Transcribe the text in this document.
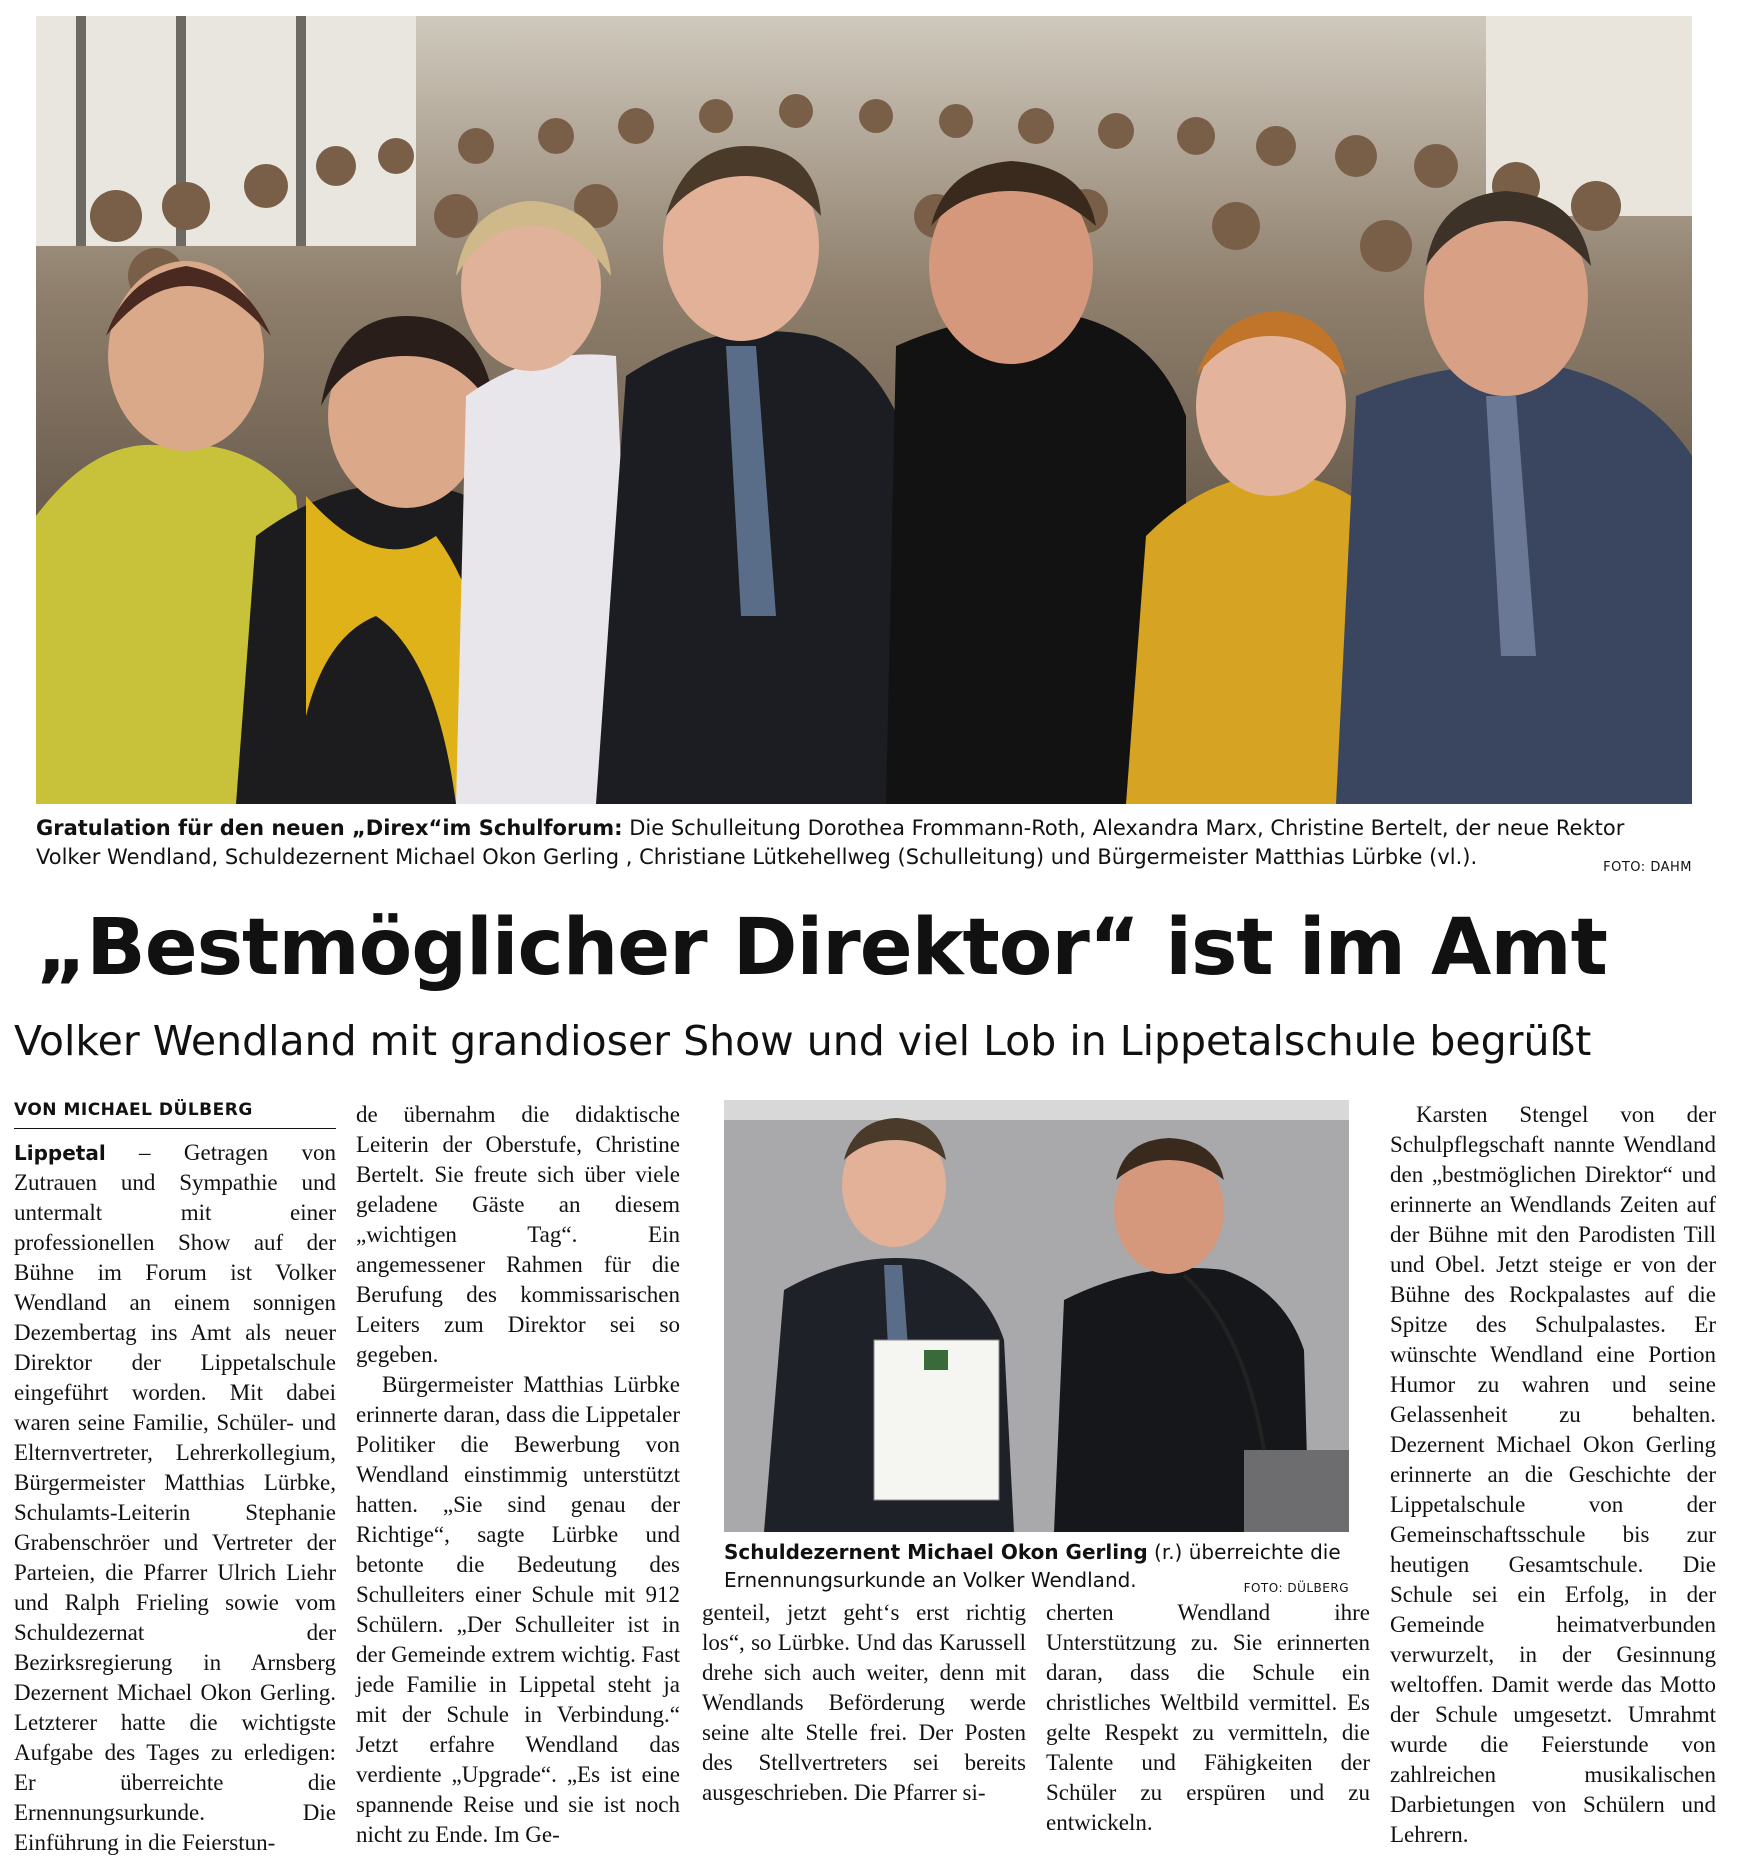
Gratulation für den neuen „Direx“im Schulforum: Die Schulleitung Dorothea Frommann-Roth, Alexandra Marx, Christine Bertelt, der neue Rektor Volker Wendland, Schuldezernent Michael Okon Gerling , Christiane Lütkehellweg (Schulleitung) und Bürgermeister Matthias Lürbke (vl.).	FOTO: DAHM
„Bestmöglicher Direktor“ ist im Amt
Volker Wendland mit grandioser Show und viel Lob in Lippetalschule begrüßt
VON MICHAEL DÜLBERG

Lippetal – Getragen von Zutrauen und Sympathie und untermalt mit einer professionellen Show auf der Bühne im Forum ist Volker Wendland an einem sonnigen Dezembertag ins Amt als neuer Direktor der Lippetalschule eingeführt worden. Mit dabei waren seine Familie, Schüler- und Elternvertreter, Lehrerkollegium, Bürgermeister Matthias Lürbke, Schulamts-Leiterin Stephanie Grabenschröer und Vertreter der Parteien, die Pfarrer Ulrich Liehr und Ralph Frieling sowie vom Schuldezernat der Bezirksregierung in Arnsberg Dezernent Michael Okon Gerling. Letzterer hatte die wichtigste Aufgabe des Tages zu erledigen: Er überreichte die Ernennungsurkunde. Die Einführung in die Feierstun-

de übernahm die didaktische Leiterin der Oberstufe, Christine Bertelt. Sie freute sich über viele geladene Gäste an diesem „wichtigen Tag“. Ein angemessener Rahmen für die Berufung des kommissarischen Leiters zum Direktor sei so gegeben.

Bürgermeister Matthias Lürbke erinnerte daran, dass die Lippetaler Politiker die Bewerbung von Wendland einstimmig unterstützt hatten. „Sie sind genau der Richtige“, sagte Lürbke und betonte die Bedeutung des Schulleiters einer Schule mit 912 Schülern. „Der Schulleiter ist in der Gemeinde extrem wichtig. Fast jede Familie in Lippetal steht ja mit der Schule in Verbindung.“ Jetzt erfahre Wendland das verdiente „Upgrade“. „Es ist eine spannende Reise und sie ist noch nicht zu Ende. Im Ge-

Schuldezernent Michael Okon Gerling (r.) überreichte die Ernennungsurkunde an Volker Wendland.	FOTO: DÜLBERG

genteil, jetzt geht‘s erst richtig los“, so Lürbke. Und das Karussell drehe sich auch weiter, denn mit Wendlands Beförderung werde seine alte Stelle frei. Der Posten des Stellvertreters sei bereits ausgeschrieben. Die Pfarrer si-

cherten Wendland ihre Unterstützung zu. Sie erinnerten daran, dass die Schule ein christliches Weltbild vermittel. Es gelte Respekt zu vermitteln, die Talente und Fähigkeiten der Schüler zu erspüren und zu entwickeln.

Karsten Stengel von der Schulpflegschaft nannte Wendland den „bestmöglichen Direktor“ und erinnerte an Wendlands Zeiten auf der Bühne mit den Parodisten Till und Obel. Jetzt steige er von der Bühne des Rockpalastes auf die Spitze des Schulpalastes. Er wünschte Wendland eine Portion Humor zu wahren und seine Gelassenheit zu behalten. Dezernent Michael Okon Gerling erinnerte an die Geschichte der Lippetalschule von der Gemeinschaftsschule bis zur heutigen Gesamtschule. Die Schule sei ein Erfolg, in der Gemeinde heimatverbunden verwurzelt, in der Gesinnung weltoffen. Damit werde das Motto der Schule umgesetzt. Umrahmt wurde die Feierstunde von zahlreichen musikalischen Darbietungen von Schülern und Lehrern.
